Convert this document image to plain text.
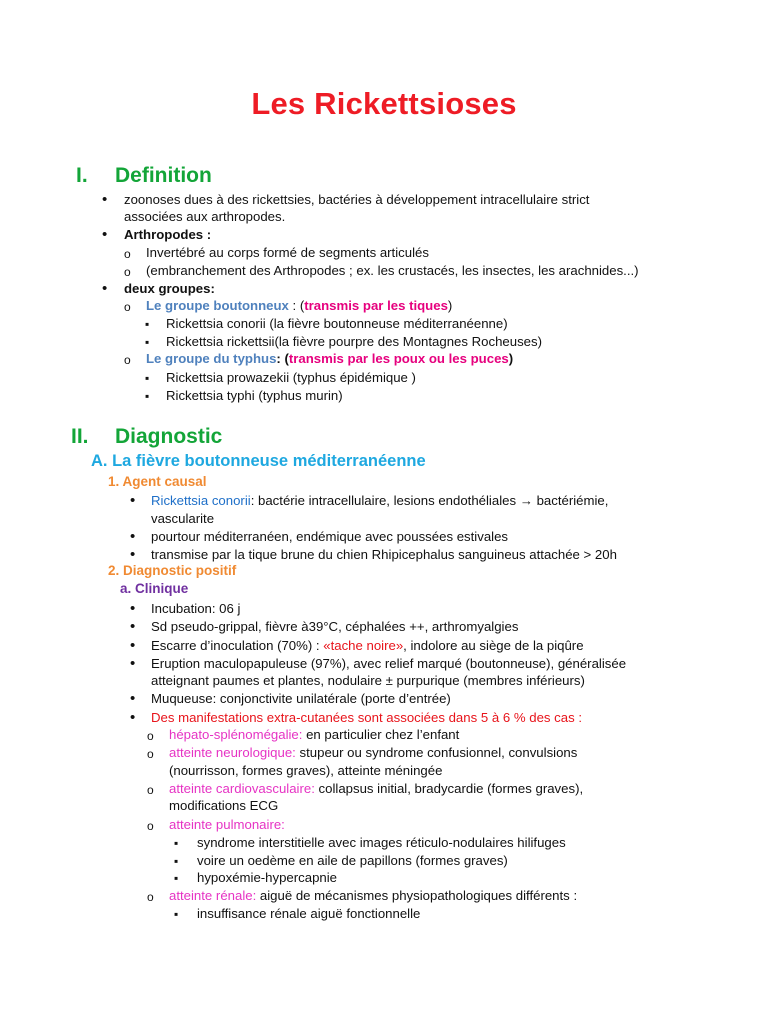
Les Rickettsioses
I. Definition
•
zoonoses dues à des rickettsies, bactéries à développement intracellulaire strict
associées aux arthropodes.
•
Arthropodes :
o
Invertébré au corps formé de segments articulés
o
(embranchement des Arthropodes ; ex. les crustacés, les insectes, les arachnides...)
•
deux groupes:
o
Le groupe boutonneux : (transmis par les tiques)
▪
Rickettsia conorii (la fièvre boutonneuse méditerranéenne)
▪
Rickettsia rickettsii(la fièvre pourpre des Montagnes Rocheuses)
o
Le groupe du typhus: (transmis par les poux ou les puces)
▪
Rickettsia prowazekii (typhus épidémique )
▪
Rickettsia typhi (typhus murin)
II. Diagnostic
A. La fièvre boutonneuse méditerranéenne
1. Agent causal
•
Rickettsia conorii: bactérie intracellulaire, lesions endothéliales → bactériémie,
vascularite
•
pourtour méditerranéen, endémique avec poussées estivales
•
transmise par la tique brune du chien Rhipicephalus sanguineus attachée > 20h
2. Diagnostic positif
a. Clinique
•
Incubation: 06 j
•
Sd pseudo-grippal, fièvre à39°C, céphalées ++, arthromyalgies
•
Escarre d’inoculation (70%) : «tache noire», indolore au siège de la piqûre
•
Eruption maculopapuleuse (97%), avec relief marqué (boutonneuse), généralisée
atteignant paumes et plantes, nodulaire ± purpurique (membres inférieurs)
•
Muqueuse: conjonctivite unilatérale (porte d’entrée)
•
Des manifestations extra-cutanées sont associées dans 5 à 6 % des cas :
o
hépato-splénomégalie: en particulier chez l’enfant
o
atteinte neurologique: stupeur ou syndrome confusionnel, convulsions
(nourrisson, formes graves), atteinte méningée
o
atteinte cardiovasculaire: collapsus initial, bradycardie (formes graves),
modifications ECG
o
atteinte pulmonaire:
▪
syndrome interstitielle avec images réticulo-nodulaires hilifuges
▪
voire un oedème en aile de papillons (formes graves)
▪
hypoxémie-hypercapnie
o
atteinte rénale: aiguë de mécanismes physiopathologiques différents :
▪
insuffisance rénale aiguë fonctionnelle
